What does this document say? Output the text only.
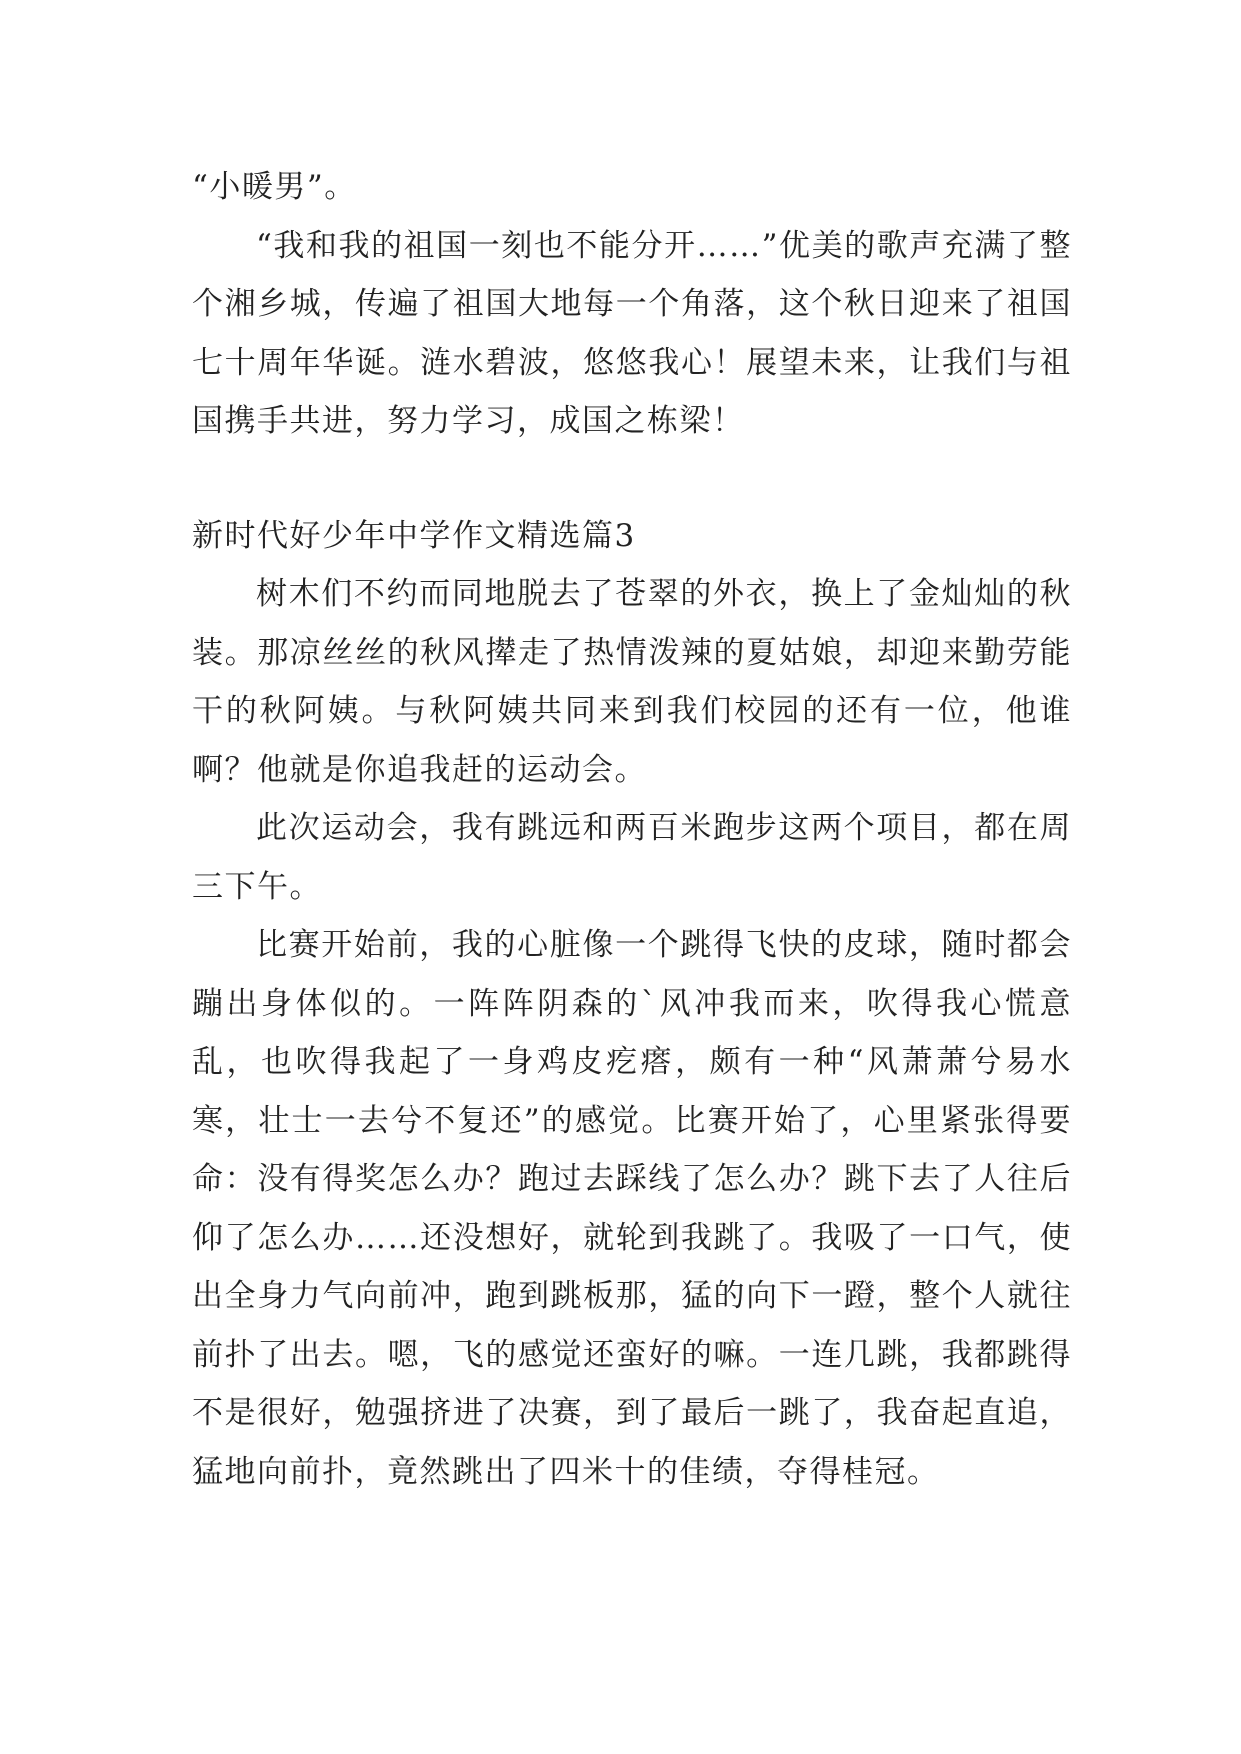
“小暖男”。

“我和我的祖国一刻也不能分开……”优美的歌声充满了整个湘乡城，传遍了祖国大地每一个角落，这个秋日迎来了祖国七十周年华诞。涟水碧波，悠悠我心！展望未来，让我们与祖国携手共进，努力学习，成国之栋梁！

新时代好少年中学作文精选篇3

树木们不约而同地脱去了苍翠的外衣，换上了金灿灿的秋装。那凉丝丝的秋风撵走了热情泼辣的夏姑娘，却迎来勤劳能干的秋阿姨。与秋阿姨共同来到我们校园的还有一位，他谁啊？他就是你追我赶的运动会。

此次运动会，我有跳远和两百米跑步这两个项目，都在周三下午。

比赛开始前，我的心脏像一个跳得飞快的皮球，随时都会蹦出身体似的。一阵阵阴森的`风冲我而来，吹得我心慌意乱，也吹得我起了一身鸡皮疙瘩，颇有一种“风萧萧兮易水寒，壮士一去兮不复还”的感觉。比赛开始了，心里紧张得要命：没有得奖怎么办？跑过去踩线了怎么办？跳下去了人往后仰了怎么办……还没想好，就轮到我跳了。我吸了一口气，使出全身力气向前冲，跑到跳板那，猛的向下一蹬，整个人就往前扑了出去。嗯，飞的感觉还蛮好的嘛。一连几跳，我都跳得不是很好，勉强挤进了决赛，到了最后一跳了，我奋起直追，猛地向前扑，竟然跳出了四米十的佳绩，夺得桂冠。
